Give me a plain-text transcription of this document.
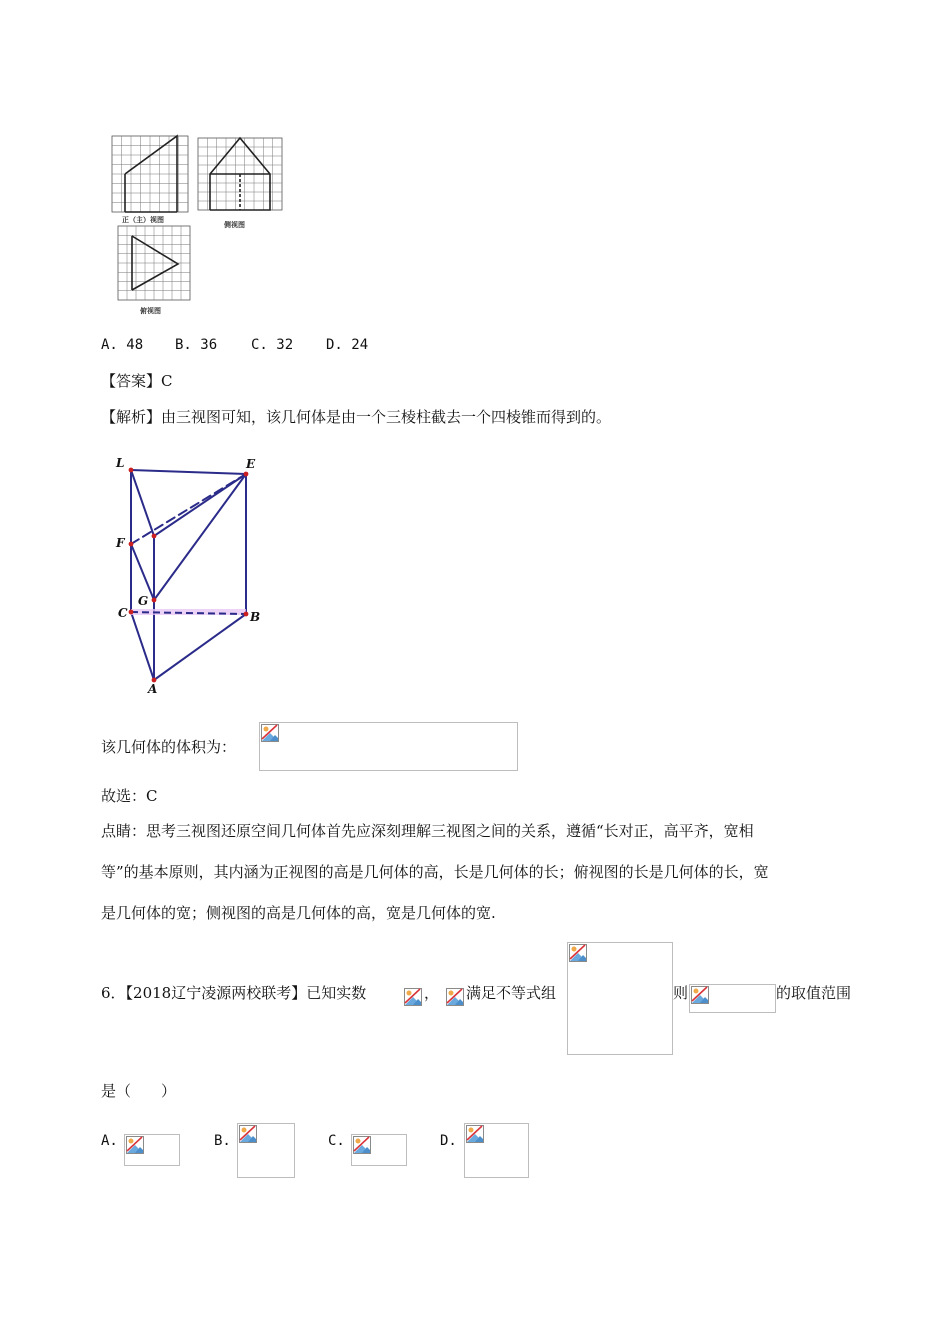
正（主）视图
侧视图
俯视图
A. 48 B. 36 C. 32 D. 24
【答案】C
【解析】由三视图可知，该几何体是由一个三棱柱截去一个四棱锥而得到的。
L	E
F
G
C	B
A
该几何体的体积为：
故选：C
点睛：思考三视图还原空间几何体首先应深刻理解三视图之间的关系，遵循“长对正，高平齐，宽相
等”的基本原则，其内涵为正视图的高是几何体的高，长是几何体的长；俯视图的长是几何体的长，宽
是几何体的宽；侧视图的高是几何体的高，宽是几何体的宽.
6．【2018辽宁凌源两校联考】已知实数	， 满足不等式组	则	的取值范围
是（　　）
A.	B.	C.	D.
